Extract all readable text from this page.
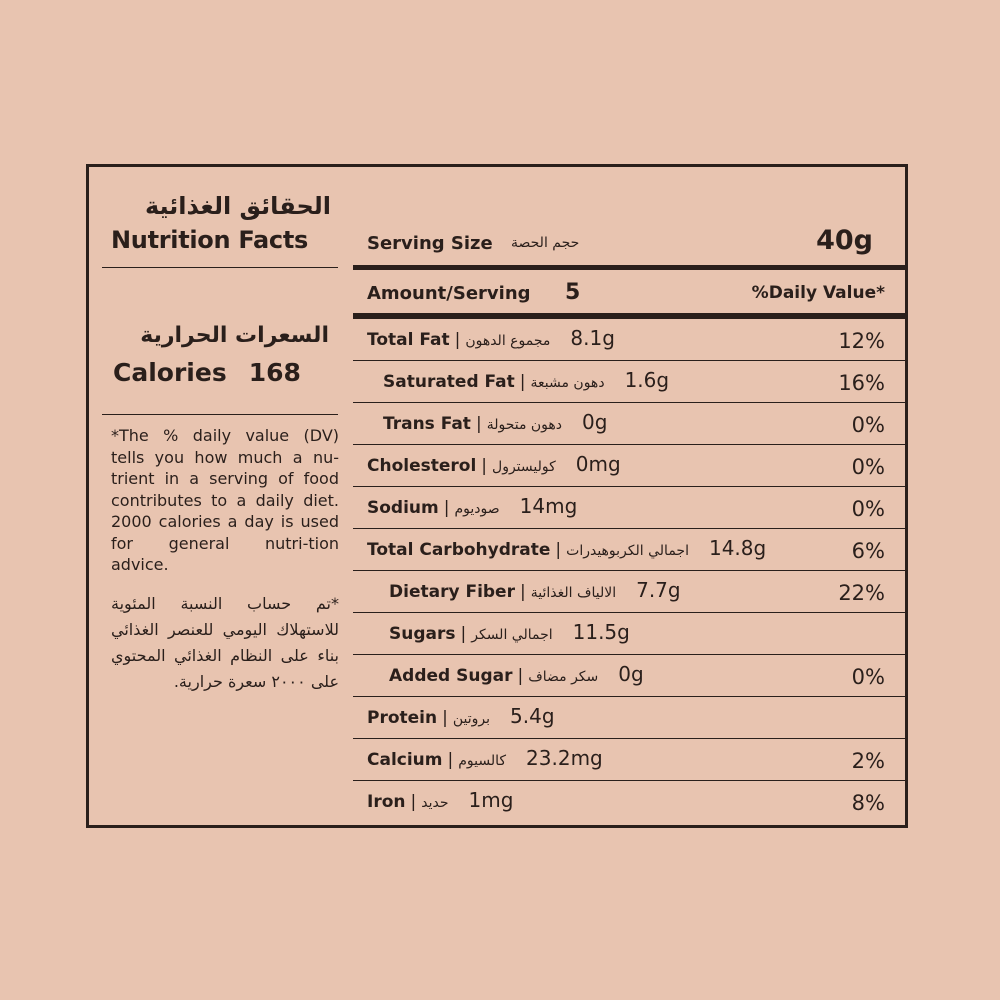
الحقائق الغذائية
Nutrition Facts
السعرات الحرارية
Calories 168
*The % daily value (DV) tells you how much a nu-trient in a serving of food contributes to a daily diet. 2000 calories a day is used for general nutri-tion advice.
*تم حساب النسبة المئوية للاستهلاك اليومي للعنصر الغذائي بناء على النظام الغذائي المحتوي على ٢٠٠٠ سعرة حرارية.
Serving Size حجم الحصة	40g
Amount/Serving 5	%Daily Value*
Total Fat | مجموع الدهون 8.1g	12%
Saturated Fat | دهون مشبعة 1.6g	16%
Trans Fat | دهون متحولة 0g	0%
Cholesterol | كوليسترول 0mg	0%
Sodium | صوديوم 14mg	0%
Total Carbohydrate | اجمالي الكربوهيدرات 14.8g	6%
Dietary Fiber | الالياف الغذائية 7.7g	22%
Sugars | اجمالي السكر 11.5g
Added Sugar | سكر مضاف 0g	0%
Protein | بروتين 5.4g
Calcium | كالسيوم 23.2mg	2%
Iron | حديد 1mg	8%
